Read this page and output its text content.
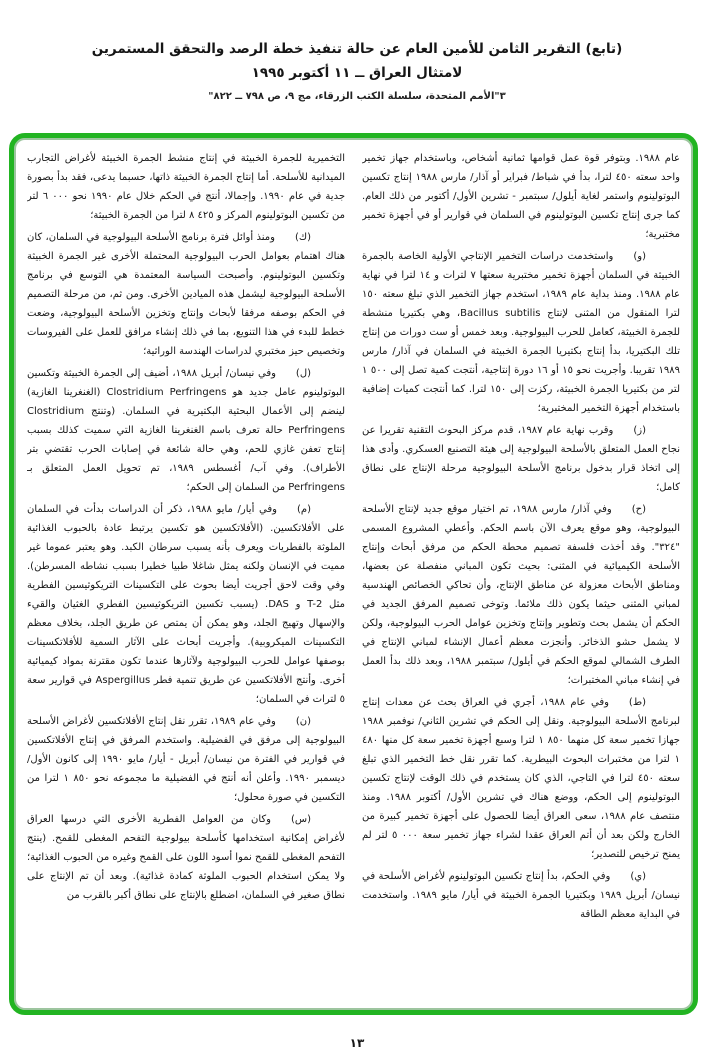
(تابع) التقرير الثامن للأمين العام عن حالة تنفيذ خطة الرصد والتحقق المستمرين
لامتثال العراق ــ ١١ أكتوبر ١٩٩٥
٣"الأمم المتحدة، سلسلة الكتب الزرقاء، مج ٩، ص ٧٩٨ ــ ٨٢٢"

عام ١٩٨٨. وبتوفر قوة عمل قوامها ثمانية أشخاص، وباستخدام جهاز تخمير واحد سعته ٤٥٠ لترا، بدأ في شباط/ فبراير أو آذار/ مارس ١٩٨٨ إنتاج تكسين البوتولينوم واستمر لغاية أيلول/ سبتمبر - تشرين الأول/ أكتوبر من ذلك العام. كما جرى إنتاج تكسين البوتولينوم في السلمان في قوارير أو في أجهزة تخمير مختبرية؛

(و)  واستخدمت دراسات التخمير الإنتاجي الأولية الخاصة بالجمرة الخبيثة في السلمان أجهزة تخمير مختبرية سعتها ٧ لترات و ١٤ لترا في نهاية عام ١٩٨٨. ومنذ بداية عام ١٩٨٩، استخدم جهاز التخمير الذي تبلغ سعته ١٥٠ لترا المنقول من المثنى لإنتاج Bacillus subtilis، وهي بكتيريا منشطة للجمرة الخبيثة، كعامل للحرب البيولوجية. وبعد خمس أو ست دورات من إنتاج تلك البكتيريا، بدأ إنتاج بكتيريا الجمرة الخبيثة في السلمان في آذار/ مارس ١٩٨٩ تقريبا. وأجريت نحو ١٥ أو ١٦ دورة إنتاجية، أنتجت كمية تصل إلى ٥٠٠ ١ لتر من بكتيريا الجمرة الخبيثة، ركزت إلى ١٥٠ لترا. كما أنتجت كميات إضافية باستخدام أجهزة التخمير المختبرية؛

(ز)  وقرب نهاية عام ١٩٨٧، قدم مركز البحوث التقنية تقريرا عن نجاح العمل المتعلق بالأسلحة البيولوجية إلى هيئة التصنيع العسكري. وأدى هذا إلى اتخاذ قرار بدخول برنامج الأسلحة البيولوجية مرحلة الإنتاج على نطاق كامل؛

(ح)  وفي آذار/ مارس ١٩٨٨، تم اختيار موقع جديد لإنتاج الأسلحة البيولوجية، وهو موقع يعرف الآن باسم الحكم. وأعطي المشروع المسمى "٣٢٤". وقد أخذت فلسفة تصميم محطة الحكم من مرفق أبحاث وإنتاج الأسلحة الكيميائية في المثنى: بحيث تكون المباني منفصلة عن بعضها، ومناطق الأبحاث معزولة عن مناطق الإنتاج، وأن تحاكي الخصائص الهندسية لمباني المثنى حيثما يكون ذلك ملائما. وتوخى تصميم المرفق الجديد في الحكم أن يشمل بحث وتطوير وإنتاج وتخزين عوامل الحرب البيولوجية، ولكن لا يشمل حشو الذخائر. وأنجزت معظم أعمال الإنشاء لمباني الإنتاج في الطرف الشمالي لموقع الحكم في أيلول/ سبتمبر ١٩٨٨، وبعد ذلك بدأ العمل في إنشاء مباني المختبرات؛

(ط)  وفي عام ١٩٨٨، أجري في العراق بحث عن معدات إنتاج لبرنامج الأسلحة البيولوجية. ونقل إلى الحكم في تشرين الثاني/ نوفمبر ١٩٨٨ جهازا تخمير سعة كل منهما ٨٥٠ ١ لترا وسبع أجهزة تخمير سعة كل منها ٤٨٠ ١ لترا من مختبرات البحوث البيطرية. كما تقرر نقل خط التخمير الذي تبلغ سعته ٤٥٠ لترا في التاجي، الذي كان يستخدم في ذلك الوقت لإنتاج تكسين البوتولينوم إلى الحكم، ووضع هناك في تشرين الأول/ أكتوبر ١٩٨٨. ومنذ منتصف عام ١٩٨٨، سعى العراق أيضا للحصول على أجهزة تخمير كبيرة من الخارج ولكن بعد أن أتم العراق عقدا لشراء جهاز تخمير سعة ٠٠٠ ٥ لتر لم يمنح ترخيص للتصدير؛

(ي)  وفي الحكم، بدأ إنتاج تكسين البوتولينوم لأغراض الأسلحة في نيسان/ أبريل ١٩٨٩ وبكتيريا الجمرة الخبيثة في أيار/ مايو ١٩٨٩. واستخدمت في البداية معظم الطاقة

التخميرية للجمرة الخبيثة في إنتاج منشط الجمرة الخبيثة لأغراض التجارب الميدانية للأسلحة. أما إنتاج الجمرة الخبيثة ذاتها، حسبما يدعى، فقد بدأ بصورة جدية في عام ١٩٩٠. وإجمالا، أنتج في الحكم خلال عام ١٩٩٠ نحو ٠٠٠ ٦ لتر من تكسين البوتولينوم المركز و ٤٢٥ ٨ لترا من الجمرة الخبيثة؛

(ك)  ومنذ أوائل فترة برنامج الأسلحة البيولوجية في السلمان، كان هناك اهتمام بعوامل الحرب البيولوجية المحتملة الأخرى غير الجمرة الخبيثة وتكسين البوتولينوم. وأصبحت السياسة المعتمدة هي التوسع في برنامج الأسلحة البيولوجية ليشمل هذه الميادين الأخرى. ومن ثم، من مرحلة التصميم في الحكم بوصفه مرفقا لأبحاث وإنتاج وتخزين الأسلحة البيولوجية، وضعت خطط للبدء في هذا التنويع، بما في ذلك إنشاء مرافق للعمل على الفيروسات وتخصيص حيز مختبري لدراسات الهندسة الوراثية؛

(ل)  وفي نيسان/ أبريل ١٩٨٨، أضيف إلى الجمرة الخبيثة وتكسين البوتولينوم عامل جديد هو Clostridium Perfringens (الغنغرينا الغازية) لينضم إلى الأعمال البحثية البكتيرية في السلمان. (وتنتج Clostridium Perfringens حالة تعرف باسم الغنغرينا الغازية التي سميت كذلك بسبب إنتاج تعفن غازي للحم، وهي حالة شائعة في إصابات الحرب تقتضي بتر الأطراف). وفي آب/ أغسطس ١٩٨٩، تم تحويل العمل المتعلق بـ Perfringens من السلمان إلى الحكم؛

(م)  وفي أيار/ مايو ١٩٨٨، ذكر أن الدراسات بدأت في السلمان على الأفلاتكسين. (الأفلاتكسين هو تكسين يرتبط عادة بالحبوب الغذائية الملوثة بالفطريات ويعرف بأنه يسبب سرطان الكبد. وهو يعتبر عموما غير مميت في الإنسان ولكنه يمثل شاغلا طبيا خطيرا بسبب نشاطه المسرطن). وفي وقت لاحق أجريت أيضا بحوث على التكسينات التريكوثيسين الفطرية مثل T-2 و DAS. (يسبب تكسين التريكوثيسين الفطري الغثيان والقيء والإسهال وتهيج الجلد، وهو يمكن أن يمتص عن طريق الجلد، بخلاف معظم التكسينات الميكروبية). وأجريت أبحاث على الآثار السمية للأفلاتكسينات بوصفها عوامل للحرب البيولوجية ولآثارها عندما تكون مقترنة بمواد كيميائية أخرى. وأنتج الأفلاتكسين عن طريق تنمية فطر Aspergillus في قوارير سعة ٥ لترات في السلمان؛

(ن)  وفي عام ١٩٨٩، تقرر نقل إنتاج الأفلاتكسين لأغراض الأسلحة البيولوجية إلى مرفق في الفضيلية. واستخدم المرفق في إنتاج الأفلاتكسين في قوارير في الفترة من نيسان/ أبريل - أيار/ مايو ١٩٩٠ إلى كانون الأول/ ديسمبر ١٩٩٠. وأعلن أنه أنتج في الفضيلية ما مجموعه نحو ٨٥٠ ١ لترا من التكسين في صورة محلول؛

(س)  وكان من العوامل الفطرية الأخرى التي درسها العراق لأغراض إمكانية استخدامها كأسلحة بيولوجية التفحم المغطى للقمح. (ينتج التفحم المغطى للقمح نموا أسود اللون على القمح وغيره من الحبوب الغذائية؛ ولا يمكن استخدام الحبوب الملوثة كمادة غذائية). وبعد أن تم الإنتاج على نطاق صغير في السلمان، اضطلع بالإنتاج على نطاق أكبر بالقرب من

١٣
